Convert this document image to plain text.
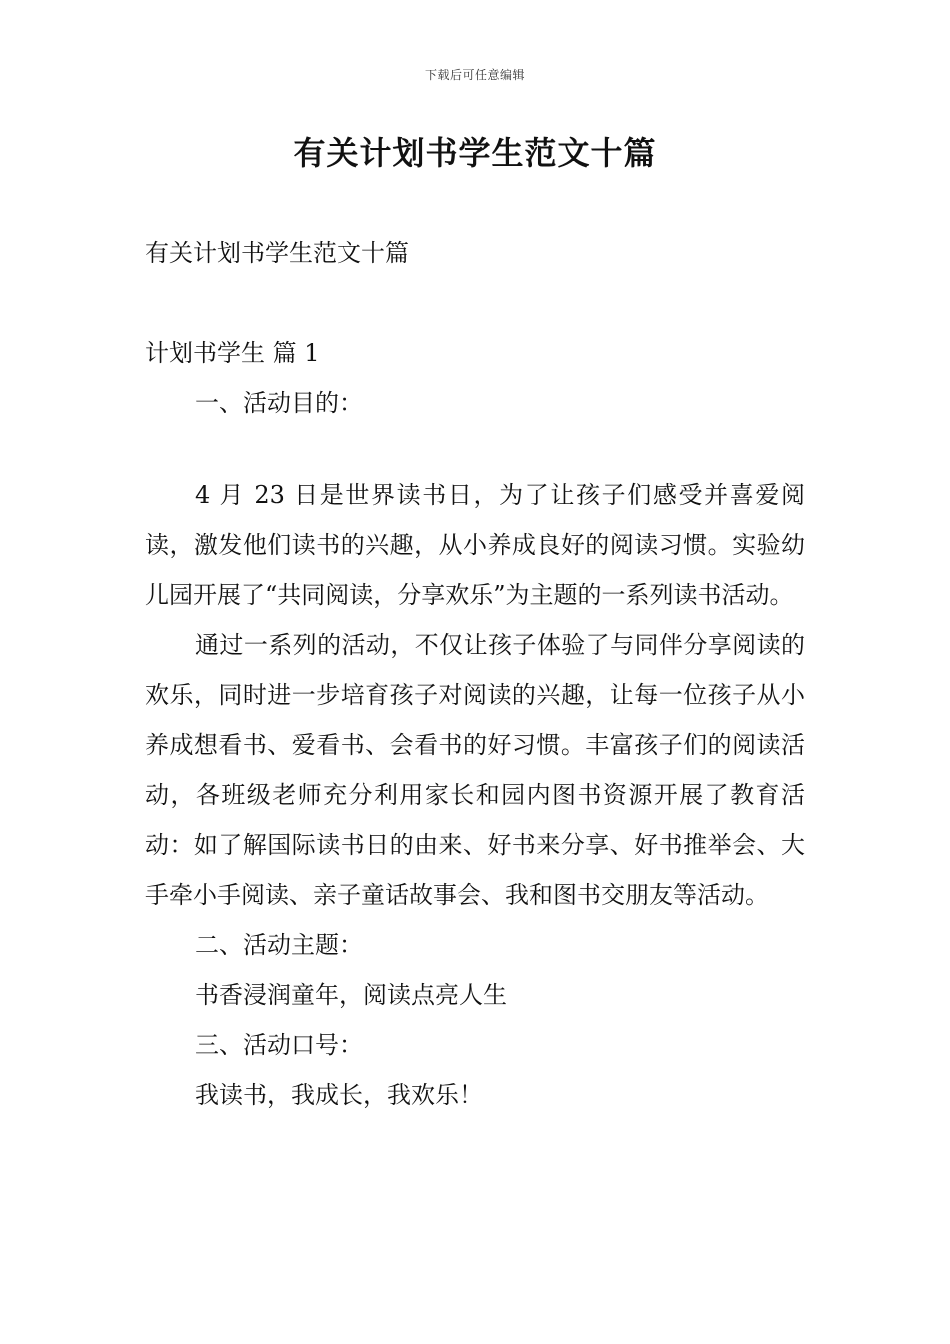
下载后可任意编辑
有关计划书学生范文十篇

有关计划书学生范文十篇

计划书学生 篇 1

一、活动目的：

4 月 23 日是世界读书日，为了让孩子们感受并喜爱阅读，激发他们读书的兴趣，从小养成良好的阅读习惯。实验幼儿园开展了“共同阅读，分享欢乐”为主题的一系列读书活动。

通过一系列的活动，不仅让孩子体验了与同伴分享阅读的欢乐，同时进一步培育孩子对阅读的兴趣，让每一位孩子从小养成想看书、爱看书、会看书的好习惯。丰富孩子们的阅读活动，各班级老师充分利用家长和园内图书资源开展了教育活动：如了解国际读书日的由来、好书来分享、好书推举会、大手牵小手阅读、亲子童话故事会、我和图书交朋友等活动。

二、活动主题：

书香浸润童年，阅读点亮人生

三、活动口号：

我读书，我成长，我欢乐！
